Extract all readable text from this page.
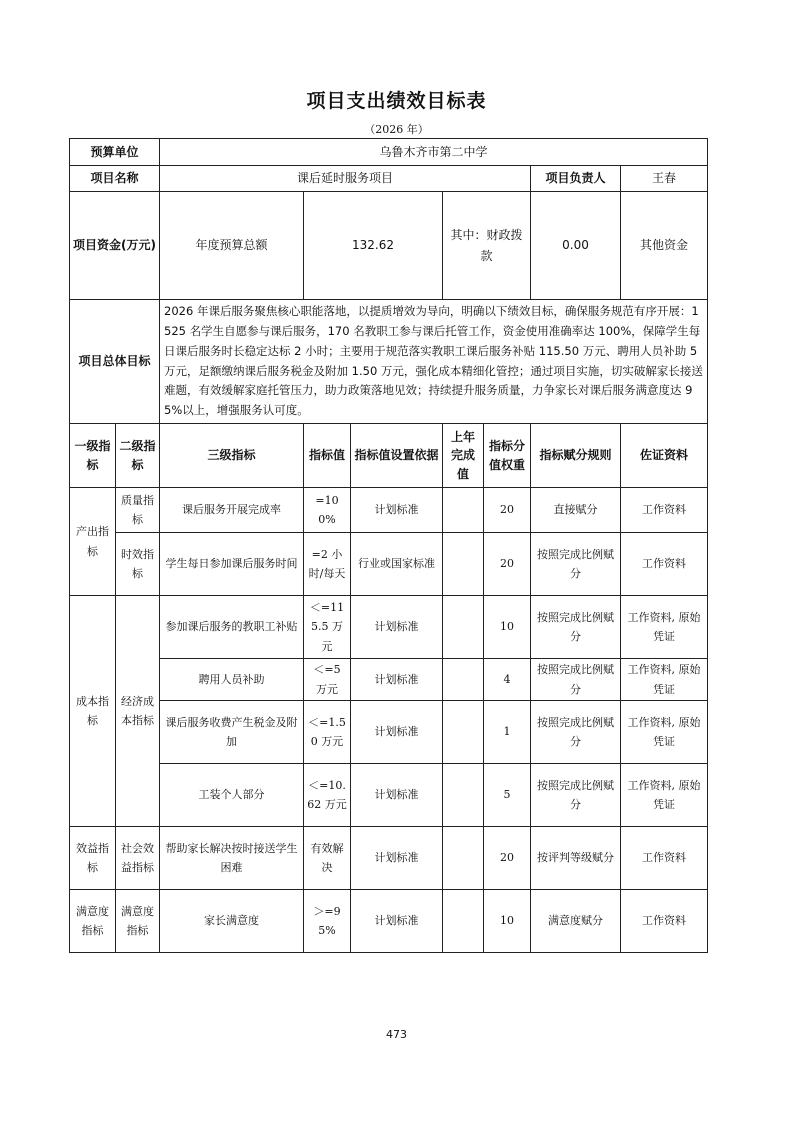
项目支出绩效目标表
（2026 年）
预算单位		乌鲁木齐市第二中学							
项目名称		课后延时服务项目					项目负责人	王春	
项目资金(万元)		年度预算总额	132.62		其中：财政拨款		0.00	其他资金	
项目总体目标		2026 年课后服务聚焦核心职能落地，以提质增效为导向，明确以下绩效目标，确保服务规范有序开展：1525 名学生自愿参与课后服务，170 名教职工参与课后托管工作，资金使用准确率达 100%，保障学生每日课后服务时长稳定达标 2 小时；主要用于规范落实教职工课后服务补贴 115.50 万元、聘用人员补助 5 万元，足额缴纳课后服务税金及附加 1.50 万元，强化成本精细化管控；通过项目实施，切实破解家长接送难题，有效缓解家庭托管压力，助力政策落地见效；持续提升服务质量，力争家长对课后服务满意度达 95%以上，增强服务认可度。							
一级指标	二级指标	三级指标	指标值	指标值设置依据	上年完成值	指标分值权重	指标赋分规则	佐证资料	
产出指标	质量指标	课后服务开展完成率	=100%	计划标准		20	直接赋分	工作资料	
	时效指标	学生每日参加课后服务时间	=2 小时/每天	行业或国家标准		20	按照完成比例赋分	工作资料	
成本指标	经济成本指标	参加课后服务的教职工补贴	＜=115.5 万元	计划标准		10	按照完成比例赋分	工作资料, 原始凭证	
		聘用人员补助	＜=5 万元	计划标准		4	按照完成比例赋分	工作资料, 原始凭证	
		课后服务收费产生税金及附加	＜=1.50 万元	计划标准		1	按照完成比例赋分	工作资料, 原始凭证	
		工装个人部分	＜=10.62 万元	计划标准		5	按照完成比例赋分	工作资料, 原始凭证	
效益指标	社会效益指标	帮助家长解决按时接送学生困难	有效解决	计划标准		20	按评判等级赋分	工作资料	
满意度指标	满意度指标	家长满意度	＞=95%	计划标准		10	满意度赋分	工作资料	
473
